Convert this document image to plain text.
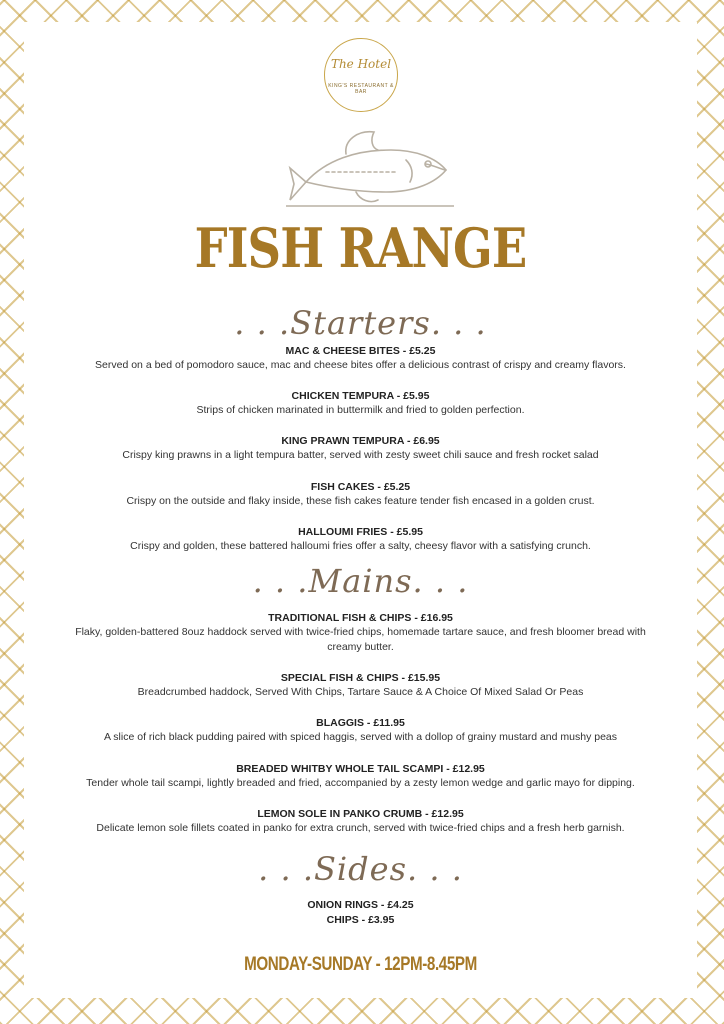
The Hotel
KING'S RESTAURANT & BAR
FISH RANGE
. . .Starters. . .
MAC & CHEESE BITES - £5.25
Served on a bed of pomodoro sauce, mac and cheese bites offer a delicious contrast of crispy and creamy flavors.
CHICKEN TEMPURA - £5.95
Strips of chicken marinated in buttermilk and fried to golden perfection.
KING PRAWN TEMPURA - £6.95
Crispy king prawns in a light tempura batter, served with zesty sweet chili sauce and fresh rocket salad
FISH CAKES - £5.25
Crispy on the outside and flaky inside, these fish cakes feature tender fish encased in a golden crust.
HALLOUMI FRIES - £5.95
Crispy and golden, these battered halloumi fries offer a salty, cheesy flavor with a satisfying crunch.
. . .Mains. . .
TRADITIONAL FISH & CHIPS - £16.95
Flaky, golden-battered 8ouz haddock served with twice-fried chips, homemade tartare sauce, and fresh bloomer bread with creamy butter.
SPECIAL FISH & CHIPS - £15.95
Breadcrumbed haddock, Served With Chips, Tartare Sauce & A Choice Of Mixed Salad Or Peas
BLAGGIS - £11.95
A slice of rich black pudding paired with spiced haggis, served with a dollop of grainy mustard and mushy peas
BREADED WHITBY WHOLE TAIL SCAMPI - £12.95
Tender whole tail scampi, lightly breaded and fried, accompanied by a zesty lemon wedge and garlic mayo for dipping.
LEMON SOLE IN PANKO CRUMB - £12.95
Delicate lemon sole fillets coated in panko for extra crunch, served with twice-fried chips and a fresh herb garnish.
. . .Sides. . .
ONION RINGS - £4.25
CHIPS - £3.95
MONDAY-SUNDAY - 12PM-8.45PM
